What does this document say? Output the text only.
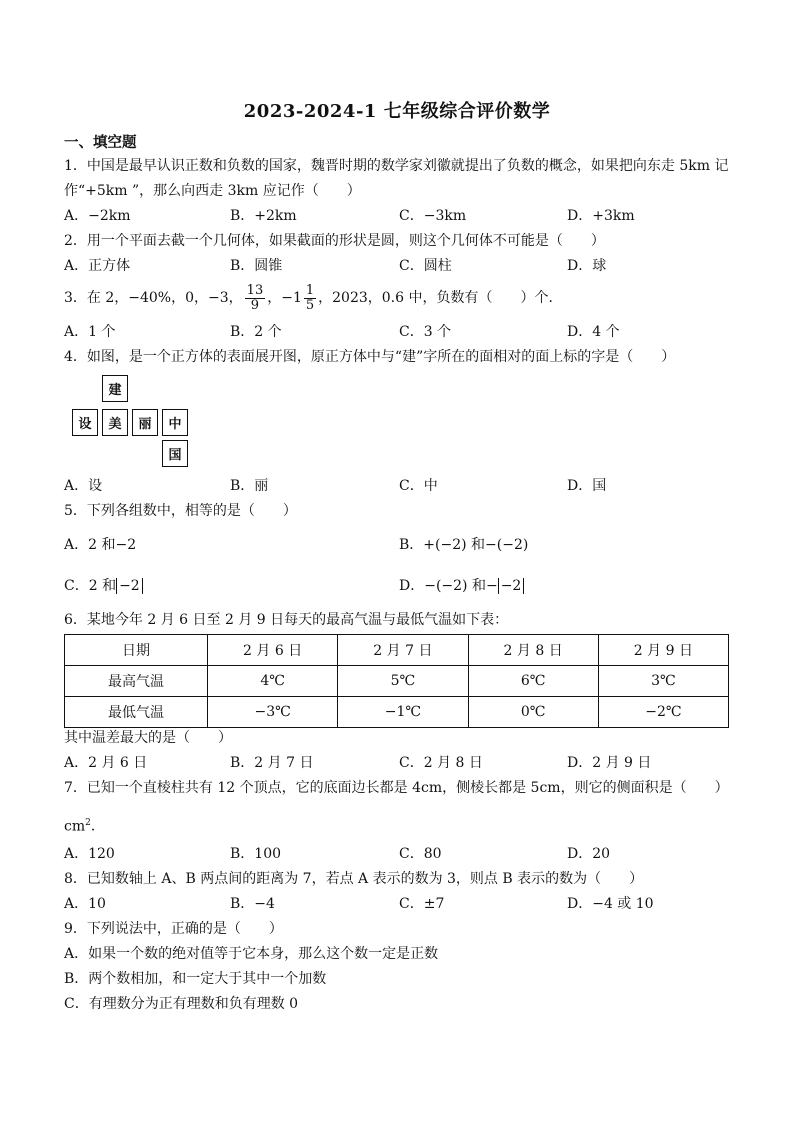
2023-2024-1 七年级综合评价数学
一、填空题
1．中国是最早认识正数和负数的国家，魏晋时期的数学家刘徽就提出了负数的概念，如果把向东走 5km 记
作“+5km ”，那么向西走 3km 应记作（　　）
A．−2km	B．+2km	C．−3km	D．+3km
2．用一个平面去截一个几何体，如果截面的形状是圆，则这个几何体不可能是（　　）
A．正方体	B．圆锥	C．圆柱	D．球
3．在 2，−40%，0，−3， $\frac{13}{9}$ ，$-1 \frac{1}{5}$ ，2023，0.6 中，负数有（　　）个．
A．1 个	B．2 个	C．3 个	D．4 个
4．如图，是一个正方体的表面展开图，原正方体中与“建”字所在的面相对的面上标的字是（　　）
建
设	美	丽	中
国
A．设	B．丽	C．中	D．国
5．下列各组数中，相等的是（　　）
A．2 和−2	B．+(−2) 和−(−2)
C．2 和 −2	D．−(−2) 和− −2
6．某地今年 2 月 6 日至 2 月 9 日每天的最高气温与最低气温如下表：
日期	2 月 6 日	2 月 7 日	2 月 8 日	2 月 9 日
最高气温	4℃	5℃	6℃	3℃
最低气温	−3℃	−1℃	0℃	−2℃
其中温差最大的是（　　）
A．2 月 6 日	B．2 月 7 日	C．2 月 8 日	D．2 月 9 日
7．已知一个直棱柱共有 12 个顶点，它的底面边长都是 4cm，侧棱长都是 5cm，则它的侧面积是（　　）
$cm^2$．
A．120	B．100	C．80	D．20
8．已知数轴上 A、B 两点间的距离为 7，若点 A 表示的数为 3，则点 B 表示的数为（　　）
A．10	B．−4	C．±7	D．−4 或 10
9．下列说法中，正确的是（　　）
A．如果一个数的绝对值等于它本身，那么这个数一定是正数
B．两个数相加，和一定大于其中一个加数
C．有理数分为正有理数和负有理数 0
